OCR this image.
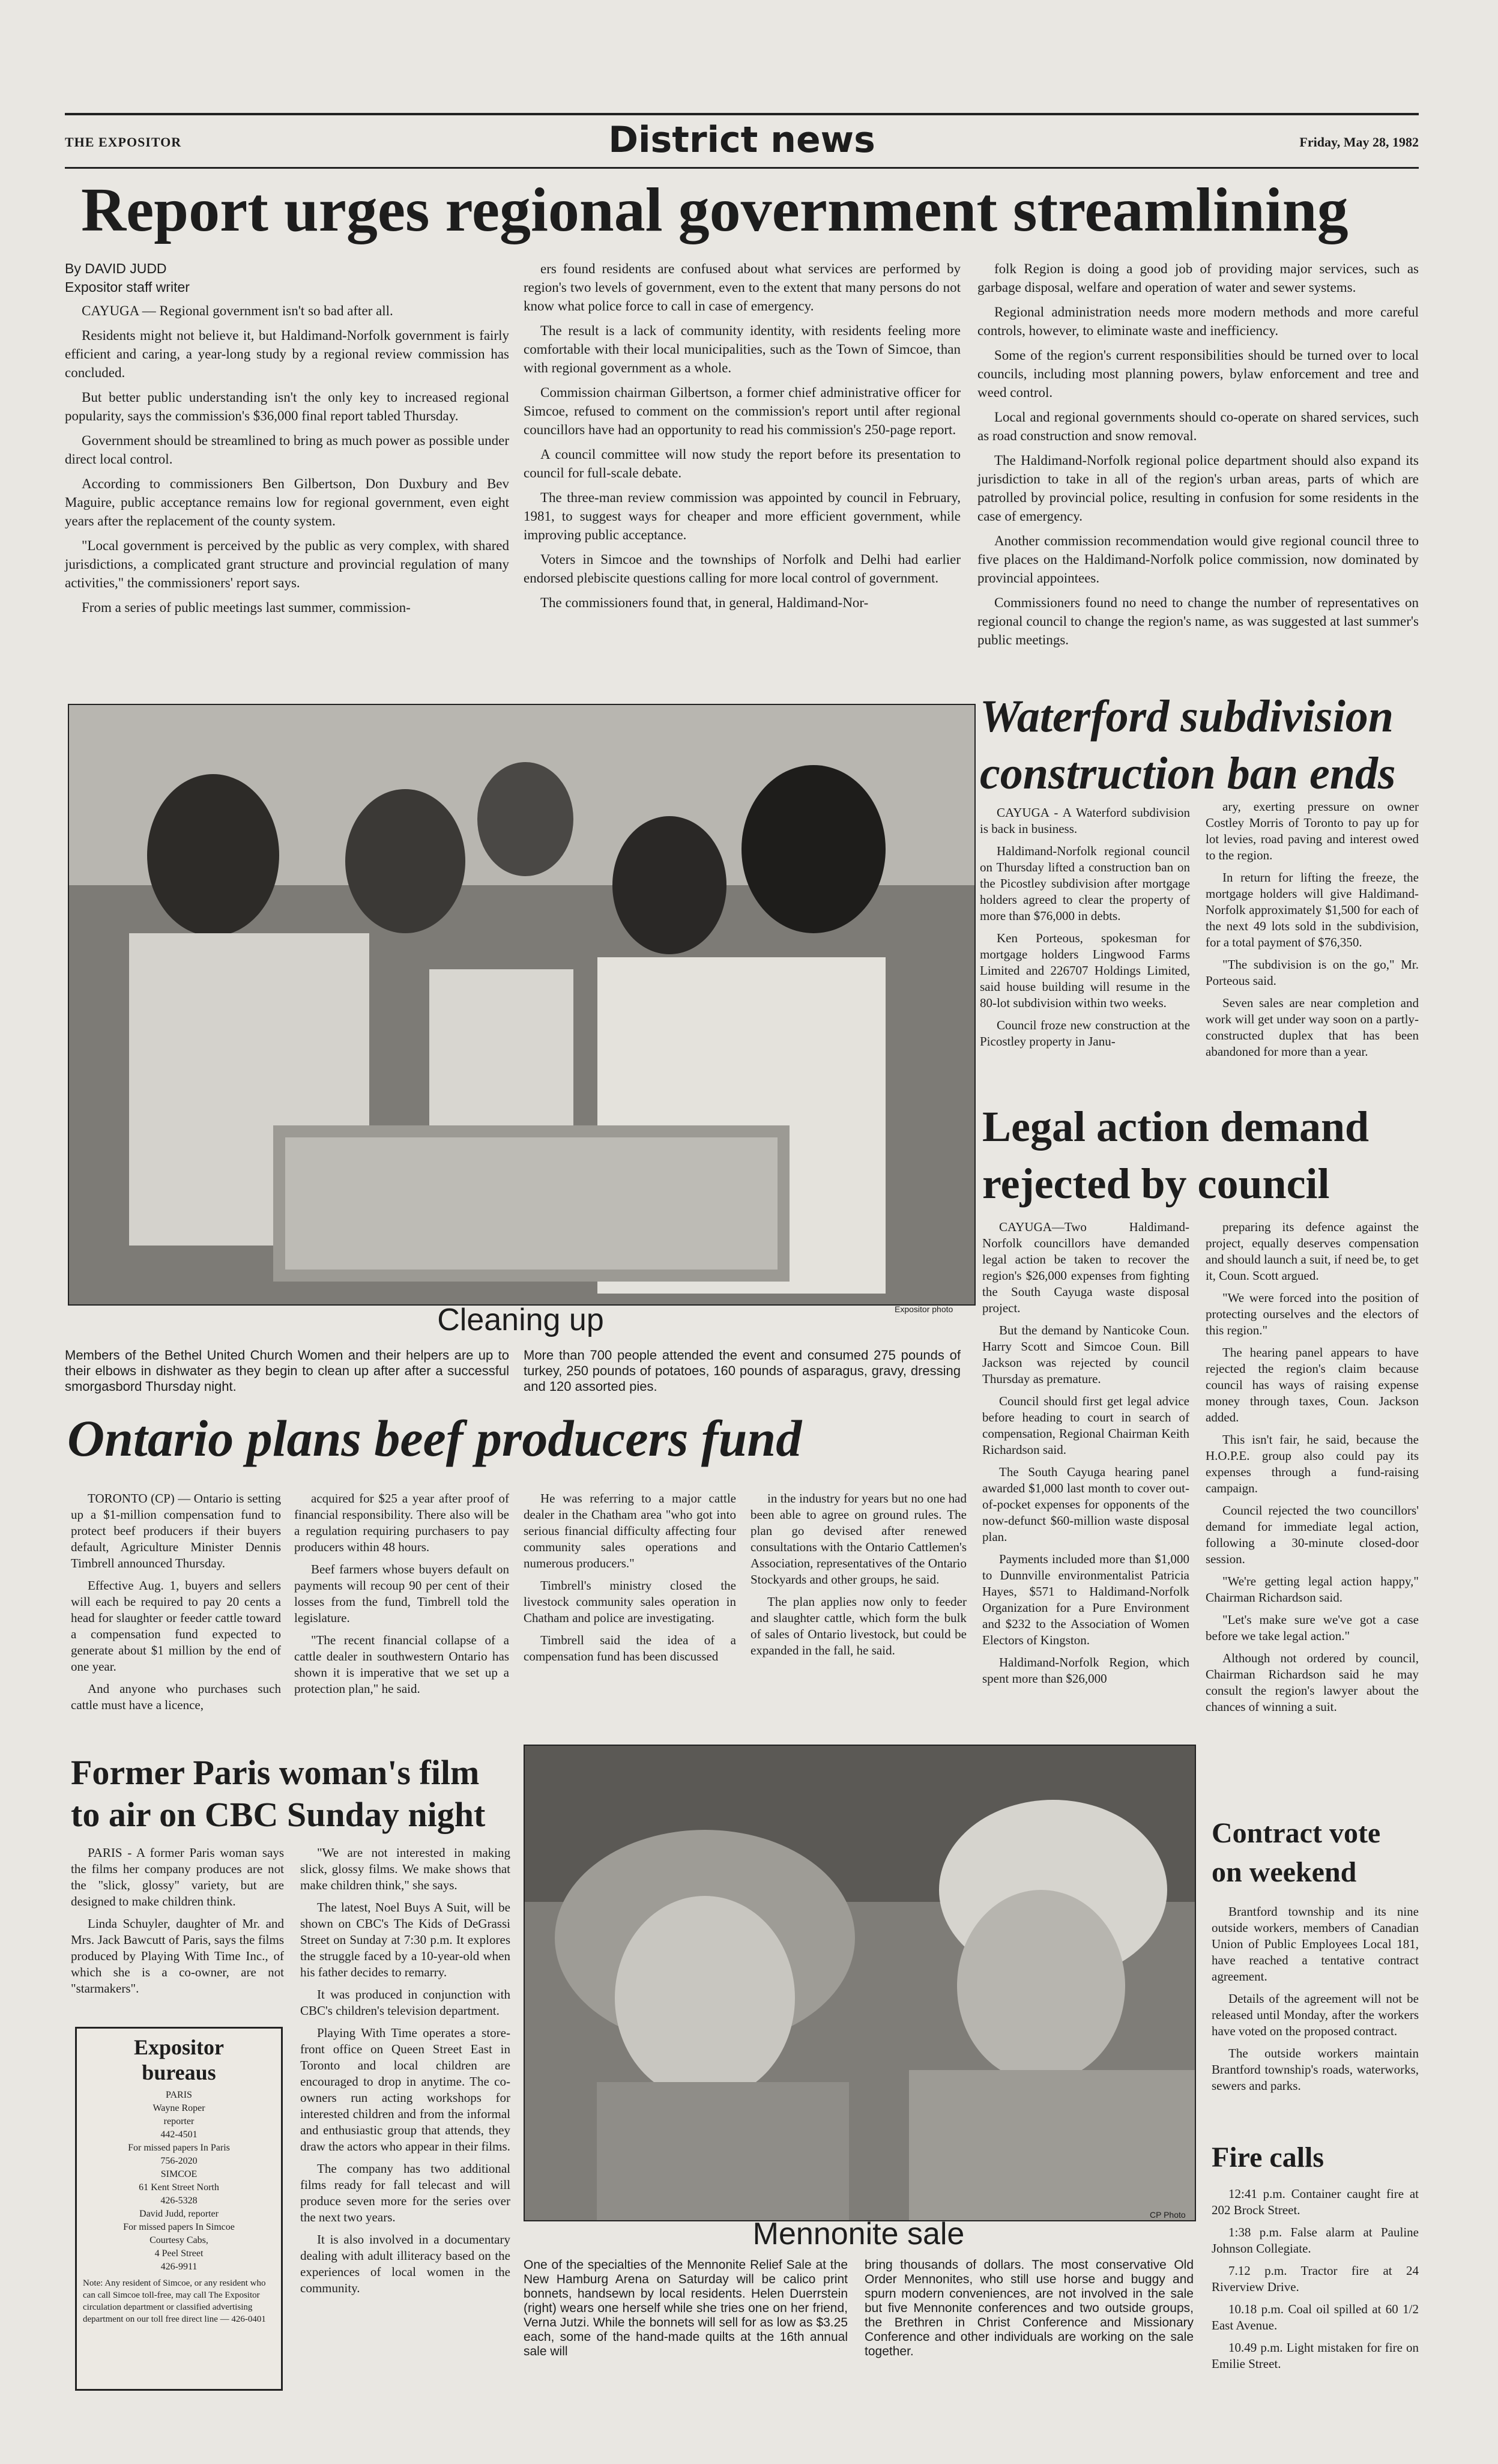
THE EXPOSITOR	District news	Friday, May 28, 1982
Report urges regional government streamlining
By DAVID JUDD
Expositor staff writer

CAYUGA — Regional government isn't so bad after all.

Residents might not believe it, but Haldimand-Norfolk government is fairly efficient and caring, a year-long study by a regional review commission has concluded.

But better public understanding isn't the only key to increased regional popularity, says the commission's $36,000 final report tabled Thursday.

Government should be streamlined to bring as much power as possible under direct local control.

According to commissioners Ben Gilbertson, Don Duxbury and Bev Maguire, public acceptance remains low for regional government, even eight years after the replacement of the county system.

"Local government is perceived by the public as very complex, with shared jurisdictions, a complicated grant structure and provincial regulation of many activities," the commissioners' report says.

From a series of public meetings last summer, commission-

ers found residents are confused about what services are performed by region's two levels of government, even to the extent that many persons do not know what police force to call in case of emergency.

The result is a lack of community identity, with residents feeling more comfortable with their local municipalities, such as the Town of Simcoe, than with regional government as a whole.

Commission chairman Gilbertson, a former chief administrative officer for Simcoe, refused to comment on the commission's report until after regional councillors have had an opportunity to read his commission's 250-page report.

A council committee will now study the report before its presentation to council for full-scale debate.

The three-man review commission was appointed by council in February, 1981, to suggest ways for cheaper and more efficient government, while improving public acceptance.

Voters in Simcoe and the townships of Norfolk and Delhi had earlier endorsed plebiscite questions calling for more local control of government.

The commissioners found that, in general, Haldimand-Nor-

folk Region is doing a good job of providing major services, such as garbage disposal, welfare and operation of water and sewer systems.

Regional administration needs more modern methods and more careful controls, however, to eliminate waste and inefficiency.

Some of the region's current responsibilities should be turned over to local councils, including most planning powers, bylaw enforcement and tree and weed control.

Local and regional governments should co-operate on shared services, such as road construction and snow removal.

The Haldimand-Norfolk regional police department should also expand its jurisdiction to take in all of the region's urban areas, parts of which are patrolled by provincial police, resulting in confusion for some residents in the case of emergency.

Another commission recommendation would give regional council three to five places on the Haldimand-Norfolk police commission, now dominated by provincial appointees.

Commissioners found no need to change the number of representatives on regional council to change the region's name, as was suggested at last summer's public meetings.

Expositor photo
Cleaning up
Members of the Bethel United Church Women and their helpers are up to their elbows in dishwater as they begin to clean up after after a successful smorgasbord Thursday night.
More than 700 people attended the event and consumed 275 pounds of turkey, 250 pounds of potatoes, 160 pounds of asparagus, gravy, dressing and 120 assorted pies.
Waterford subdivision
construction ban ends

CAYUGA - A Waterford subdivision is back in business.

Haldimand-Norfolk regional council on Thursday lifted a construction ban on the Picostley subdivision after mortgage holders agreed to clear the property of more than $76,000 in debts.

Ken Porteous, spokesman for mortgage holders Lingwood Farms Limited and 226707 Holdings Limited, said house building will resume in the 80-lot subdivision within two weeks.

Council froze new construction at the Picostley property in Janu-

ary, exerting pressure on owner Costley Morris of Toronto to pay up for lot levies, road paving and interest owed to the region.

In return for lifting the freeze, the mortgage holders will give Haldimand-Norfolk approximately $1,500 for each of the next 49 lots sold in the subdivision, for a total payment of $76,350.

"The subdivision is on the go," Mr. Porteous said.

Seven sales are near completion and work will get under way soon on a partly-constructed duplex that has been abandoned for more than a year.

Legal action demand
rejected by council

CAYUGA—Two Haldimand-Norfolk councillors have demanded legal action be taken to recover the region's $26,000 expenses from fighting the South Cayuga waste disposal project.

But the demand by Nanticoke Coun. Harry Scott and Simcoe Coun. Bill Jackson was rejected by council Thursday as premature.

Council should first get legal advice before heading to court in search of compensation, Regional Chairman Keith Richardson said.

The South Cayuga hearing panel awarded $1,000 last month to cover out-of-pocket expenses for opponents of the now-defunct $60-million waste disposal plan.

Payments included more than $1,000 to Dunnville environmentalist Patricia Hayes, $571 to Haldimand-Norfolk Organization for a Pure Environment and $232 to the Association of Women Electors of Kingston.

Haldimand-Norfolk Region, which spent more than $26,000

preparing its defence against the project, equally deserves compensation and should launch a suit, if need be, to get it, Coun. Scott argued.

"We were forced into the position of protecting ourselves and the electors of this region."

The hearing panel appears to have rejected the region's claim because council has ways of raising expense money through taxes, Coun. Jackson added.

This isn't fair, he said, because the H.O.P.E. group also could pay its expenses through a fund-raising campaign.

Council rejected the two councillors' demand for immediate legal action, following a 30-minute closed-door session.

"We're getting legal action happy," Chairman Richardson said.

"Let's make sure we've got a case before we take legal action."

Although not ordered by council, Chairman Richardson said he may consult the region's lawyer about the chances of winning a suit.

Ontario plans beef producers fund

TORONTO (CP) — Ontario is setting up a $1-million compensation fund to protect beef producers if their buyers default, Agriculture Minister Dennis Timbrell announced Thursday.

Effective Aug. 1, buyers and sellers will each be required to pay 20 cents a head for slaughter or feeder cattle toward a compensation fund expected to generate about $1 million by the end of one year.

And anyone who purchases such cattle must have a licence,

acquired for $25 a year after proof of financial responsibility. There also will be a regulation requiring purchasers to pay producers within 48 hours.

Beef farmers whose buyers default on payments will recoup 90 per cent of their losses from the fund, Timbrell told the legislature.

"The recent financial collapse of a cattle dealer in southwestern Ontario has shown it is imperative that we set up a protection plan," he said.

He was referring to a major cattle dealer in the Chatham area "who got into serious financial difficulty affecting four community sales operations and numerous producers."

Timbrell's ministry closed the livestock community sales operation in Chatham and police are investigating.

Timbrell said the idea of a compensation fund has been discussed

in the industry for years but no one had been able to agree on ground rules. The plan go devised after renewed consultations with the Ontario Cattlemen's Association, representatives of the Ontario Stockyards and other groups, he said.

The plan applies now only to feeder and slaughter cattle, which form the bulk of sales of Ontario livestock, but could be expanded in the fall, he said.

Former Paris woman's film
to air on CBC Sunday night

PARIS - A former Paris woman says the films her company produces are not the "slick, glossy" variety, but are designed to make children think.

Linda Schuyler, daughter of Mr. and Mrs. Jack Bawcutt of Paris, says the films produced by Playing With Time Inc., of which she is a co-owner, are not "starmakers".

"We are not interested in making slick, glossy films. We make shows that make children think," she says.

The latest, Noel Buys A Suit, will be shown on CBC's The Kids of DeGrassi Street on Sunday at 7:30 p.m. It explores the struggle faced by a 10-year-old when his father decides to remarry.

It was produced in conjunction with CBC's children's television department.

Playing With Time operates a store-front office on Queen Street East in Toronto and local children are encouraged to drop in anytime. The co-owners run acting workshops for interested children and from the informal and enthusiastic group that attends, they draw the actors who appear in their films.

The company has two additional films ready for fall telecast and will produce seven more for the series over the next two years.

It is also involved in a documentary dealing with adult illiteracy based on the experiences of local women in the community.

Expositor
bureaus
PARIS
Wayne Roper
reporter
442-4501
For missed papers In Paris
756-2020
SIMCOE
61 Kent Street North
426-5328
David Judd, reporter
For missed papers In Simcoe
Courtesy Cabs,
4 Peel Street
426-9911
Note: Any resident of Simcoe, or any resident who can call Simcoe toll-free, may call The Expositor circulation department or classified advertising department on our toll free direct line — 426-0401
CP Photo
Mennonite sale
One of the specialties of the Mennonite Relief Sale at the New Hamburg Arena on Saturday will be calico print bonnets, handsewn by local residents. Helen Duerrstein (right) wears one herself while she tries one on her friend, Verna Jutzi. While the bonnets will sell for as low as $3.25 each, some of the hand-made quilts at the 16th annual sale will
bring thousands of dollars. The most conservative Old Order Mennonites, who still use horse and buggy and spurn modern conveniences, are not involved in the sale but five Mennonite conferences and two outside groups, the Brethren in Christ Conference and Missionary Conference and other individuals are working on the sale together.
Contract vote
on weekend

Brantford township and its nine outside workers, members of Canadian Union of Public Employees Local 181, have reached a tentative contract agreement.

Details of the agreement will not be released until Monday, after the workers have voted on the proposed contract.

The outside workers maintain Brantford township's roads, waterworks, sewers and parks.

Fire calls

12:41 p.m. Container caught fire at 202 Brock Street.

1:38 p.m. False alarm at Pauline Johnson Collegiate.

7.12 p.m. Tractor fire at 24 Riverview Drive.

10.18 p.m. Coal oil spilled at 60 1/2 East Avenue.

10.49 p.m. Light mistaken for fire on Emilie Street.
